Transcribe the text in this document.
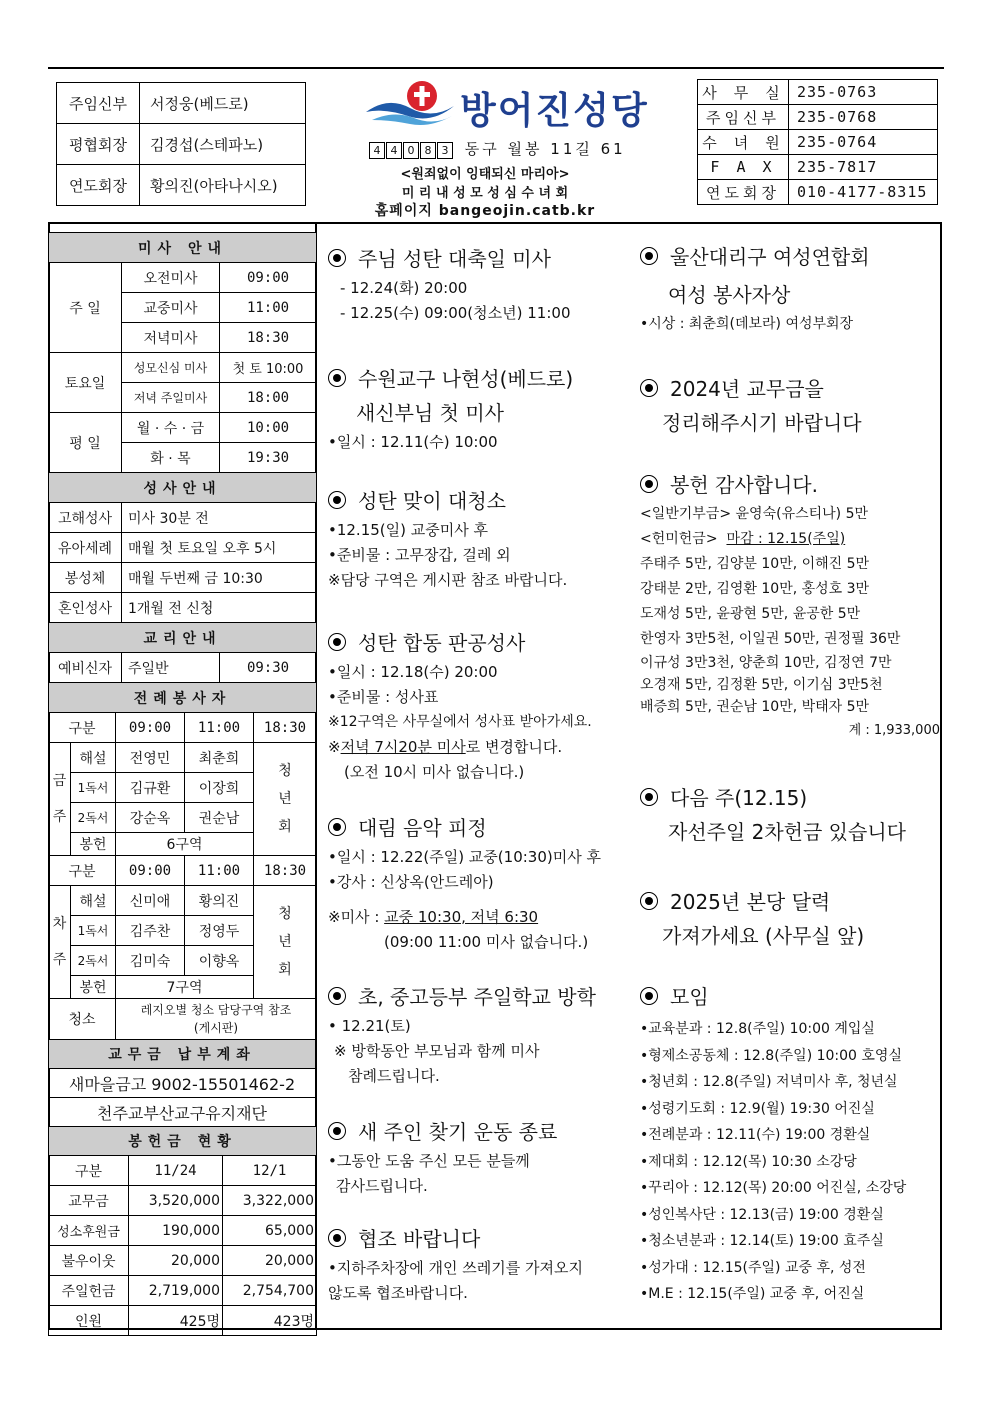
주임신부	서정웅(베드로)
평협회장	김경섭(스테파노)
연도회장	황의진(아타나시오)
방어진성당
4 4 0 8 3 동구 월봉 11길 61
<원죄없이 잉태되신 마리아>
미 리 내 성 모 성 심 수 녀 회
홈페이지 bangeojin.catb.kr
사 무 실	235-0763
주임신부	235-0768
수 녀 원	235-0764
F A X	235-7817
연도회장	010-4177-8315
미사 안내		
주 일	오전미사	09:00
	교중미사	11:00
	저녁미사	18:30
토요일	성모신심 미사	첫 토 10:00
	저녁 주일미사	18:00
평 일	월 · 수 · 금	10:00
	화 · 목	19:30
성사안내		
고해성사	미사 30분 전	
유아세례	매월 첫 토요일 오후 5시	
봉성체	매월 두번째 금 10:30	
혼인성사	1개월 전 신청	
교리안내		
예비신자	주일반	09:30
전례봉사자		
구분		09:00	11:00	18:30
금주	해설	전영민	최춘희	청년회
	1독서	김규환	이장희	
	2독서	강순옥	권순남	
	봉헌	6구역		
구분		09:00	11:00	18:30
차주	해설	신미애	황의진	청년회
	1독서	김주찬	정영두	
	2독서	김미숙	이향옥	
	봉헌	7구역		
청소		레지오별 청소 담당구역 참조(게시판)		
교무금 납부계좌
새마을금고 9002-15501462-2
천주교부산교구유지재단
봉헌금 현황		
구분	11/24	12/1
교무금	3,520,000	3,322,000
성소후원금	190,000	65,000
불우이웃	20,000	20,000
주일헌금	2,719,000	2,754,700
인원	425명	423명
주님 성탄 대축일 미사

- 12.24(화) 20:00

- 12.25(수) 09:00(청소년) 11:00

수원교구 나현성(베드로)
새신부님 첫 미사

•일시 : 12.11(수) 10:00

성탄 맞이 대청소

•12.15(일) 교중미사 후

•준비물 : 고무장갑, 걸레 외

※담당 구역은 게시판 참조 바랍니다.

성탄 합동 판공성사

•일시 : 12.18(수) 20:00

•준비물 : 성사표

※12구역은 사무실에서 성사표 받아가세요.

※저녁 7시20분 미사로 변경합니다.

(오전 10시 미사 없습니다.)

대림 음악 피정

•일시 : 12.22(주일) 교중(10:30)미사 후

•강사 : 신상옥(안드레아)

※미사 : 교중 10:30, 저녁 6:30

(09:00 11:00 미사 없습니다.)

초, 중고등부 주일학교 방학

• 12.21(토)

※ 방학동안 부모님과 함께 미사

참례드립니다.

새 주인 찾기 운동 종료

•그동안 도움 주신 모든 분들께

감사드립니다.

협조 바랍니다

•지하주차장에 개인 쓰레기를 가져오지

않도록 협조바랍니다.

울산대리구 여성연합회
여성 봉사자상

•시상 : 최춘희(데보라) 여성부회장

2024년 교무금을
정리해주시기 바랍니다
봉헌 감사합니다.

<일반기부금> 윤영숙(유스티나) 5만

<헌미헌금>  마감 : 12.15(주일)

주태주 5만, 김양분 10만, 이해진 5만

강태분 2만, 김영환 10만, 홍성호 3만

도재성 5만, 윤광현 5만, 윤공한 5만

한영자 3만5천, 이일권 50만, 권정필 36만

이규성 3만3천, 양춘희 10만, 김정연 7만

오경재 5만, 김정환 5만, 이기심 3만5천

배증희 5만, 권순남 10만, 박태자 5만

계 : 1,933,000

다음 주(12.15)
자선주일 2차헌금 있습니다
2025년 본당 달력
가져가세요 (사무실 앞)
모임

•교육분과 : 12.8(주일) 10:00 계입실

•형제소공동체 : 12.8(주일) 10:00 호영실

•청년회 : 12.8(주일) 저녁미사 후, 청년실

•성령기도회 : 12.9(월) 19:30 어진실

•전례분과 : 12.11(수) 19:00 경환실

•제대회 : 12.12(목) 10:30 소강당

•꾸리아 : 12.12(목) 20:00 어진실, 소강당

•성인복사단 : 12.13(금) 19:00 경환실

•청소년분과 : 12.14(토) 19:00 효주실

•성가대 : 12.15(주일) 교중 후, 성전

•M.E : 12.15(주일) 교중 후, 어진실
